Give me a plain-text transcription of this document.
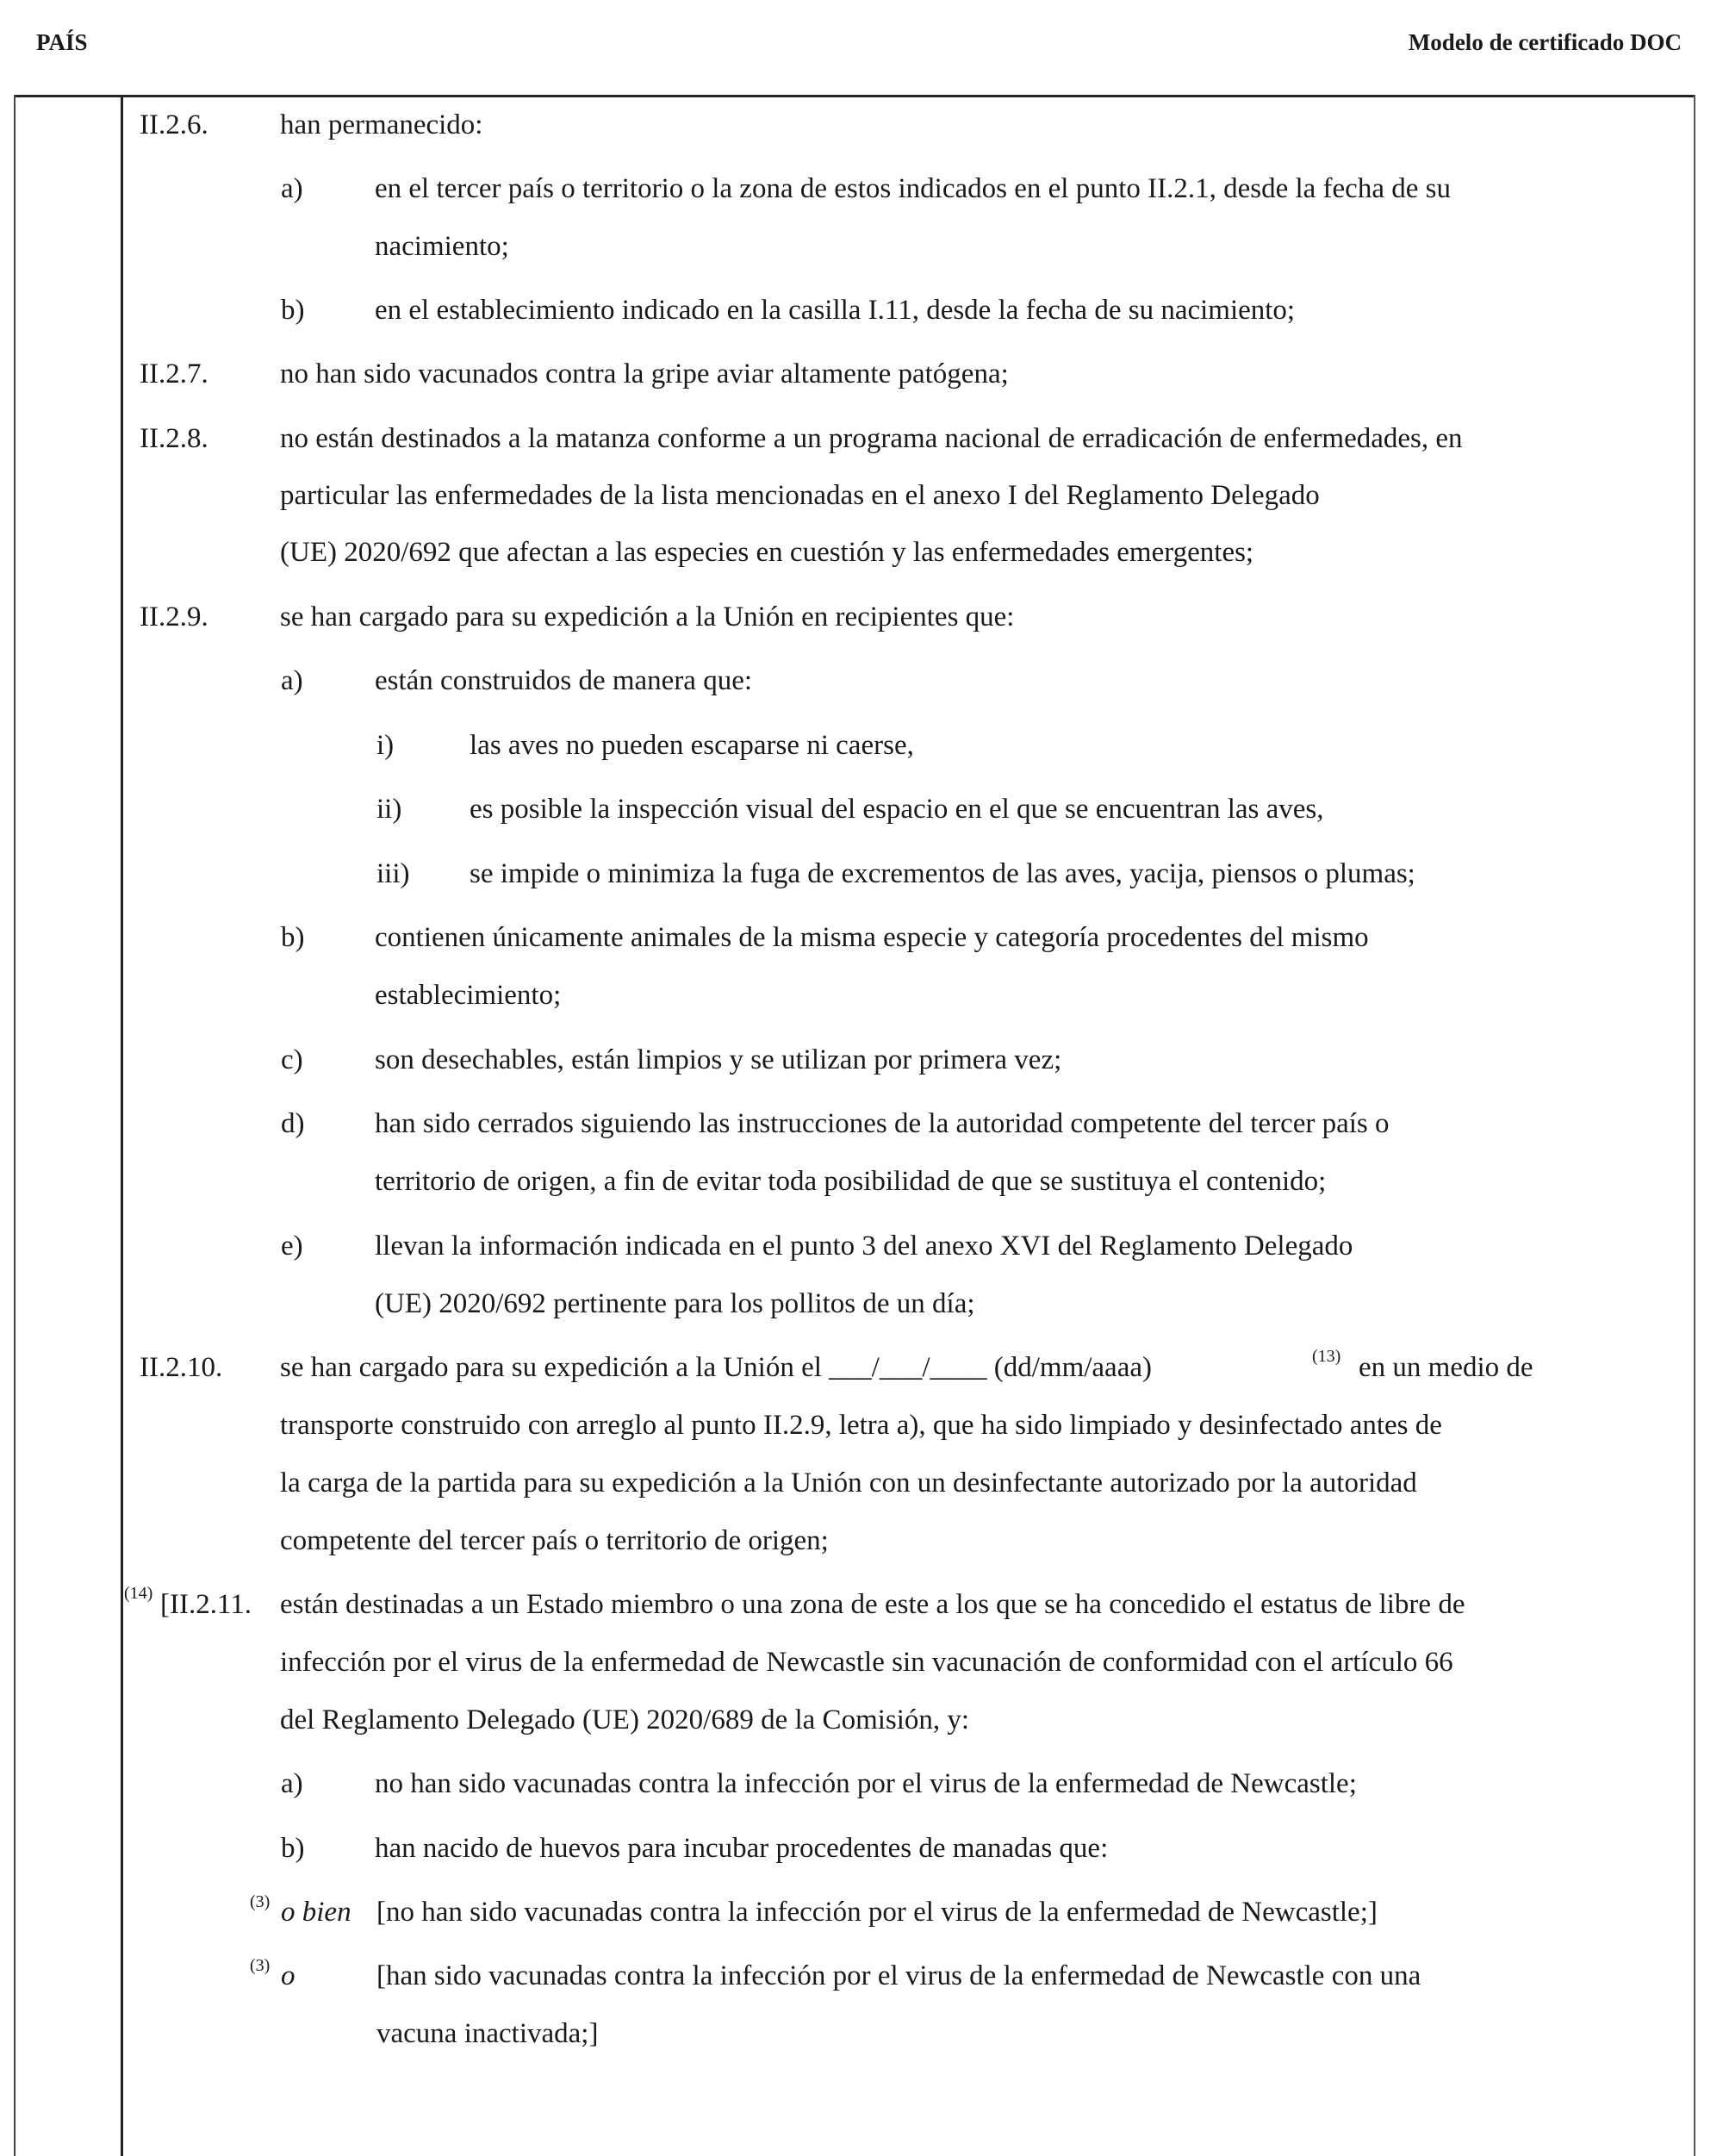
PAÍS	Modelo de certificado DOC
II.2.6.	han permanecido:
a)	en el tercer país o territorio o la zona de estos indicados en el punto II.2.1, desde la fecha de su
nacimiento;
b) en el establecimiento indicado en la casilla I.11, desde la fecha de su nacimiento;
II.2.7.	no han sido vacunados contra la gripe aviar altamente patógena;
II.2.8.	no están destinados a la matanza conforme a un programa nacional de erradicación de enfermedades, en
particular las enfermedades de la lista mencionadas en el anexo I del Reglamento Delegado
(UE) 2020/692 que afectan a las especies en cuestión y las enfermedades emergentes;
II.2.9.	se han cargado para su expedición a la Unión en recipientes que:
a)	están construidos de manera que:
i)	las aves no pueden escaparse ni caerse,
ii) es posible la inspección visual del espacio en el que se encuentran las aves,
iii) se impide o minimiza la fuga de excrementos de las aves, yacija, piensos o plumas;
b) contienen únicamente animales de la misma especie y categoría procedentes del mismo
establecimiento;
c)	son desechables, están limpios y se utilizan por primera vez;
d) han sido cerrados siguiendo las instrucciones de la autoridad competente del tercer país o
territorio de origen, a fin de evitar toda posibilidad de que se sustituya el contenido;
e)	llevan la información indicada en el punto 3 del anexo XVI del Reglamento Delegado
(UE) 2020/692 pertinente para los pollitos de un día;
II.2.10. se han cargado para su expedición a la Unión el ___/___/____ (dd/mm/aaaa)	(13) en un medio de
transporte construido con arreglo al punto II.2.9, letra a), que ha sido limpiado y desinfectado antes de
la carga de la partida para su expedición a la Unión con un desinfectante autorizado por la autoridad
competente del tercer país o territorio de origen;
(14) [II.2.11. están destinadas a un Estado miembro o una zona de este a los que se ha concedido el estatus de libre de
infección por el virus de la enfermedad de Newcastle sin vacunación de conformidad con el artículo 66
del Reglamento Delegado (UE) 2020/689 de la Comisión, y:
a)	no han sido vacunadas contra la infección por el virus de la enfermedad de Newcastle;
b) han nacido de huevos para incubar procedentes de manadas que:
(3) o bien [no han sido vacunadas contra la infección por el virus de la enfermedad de Newcastle;]
(3) o	[han sido vacunadas contra la infección por el virus de la enfermedad de Newcastle con una
vacuna inactivada;]
